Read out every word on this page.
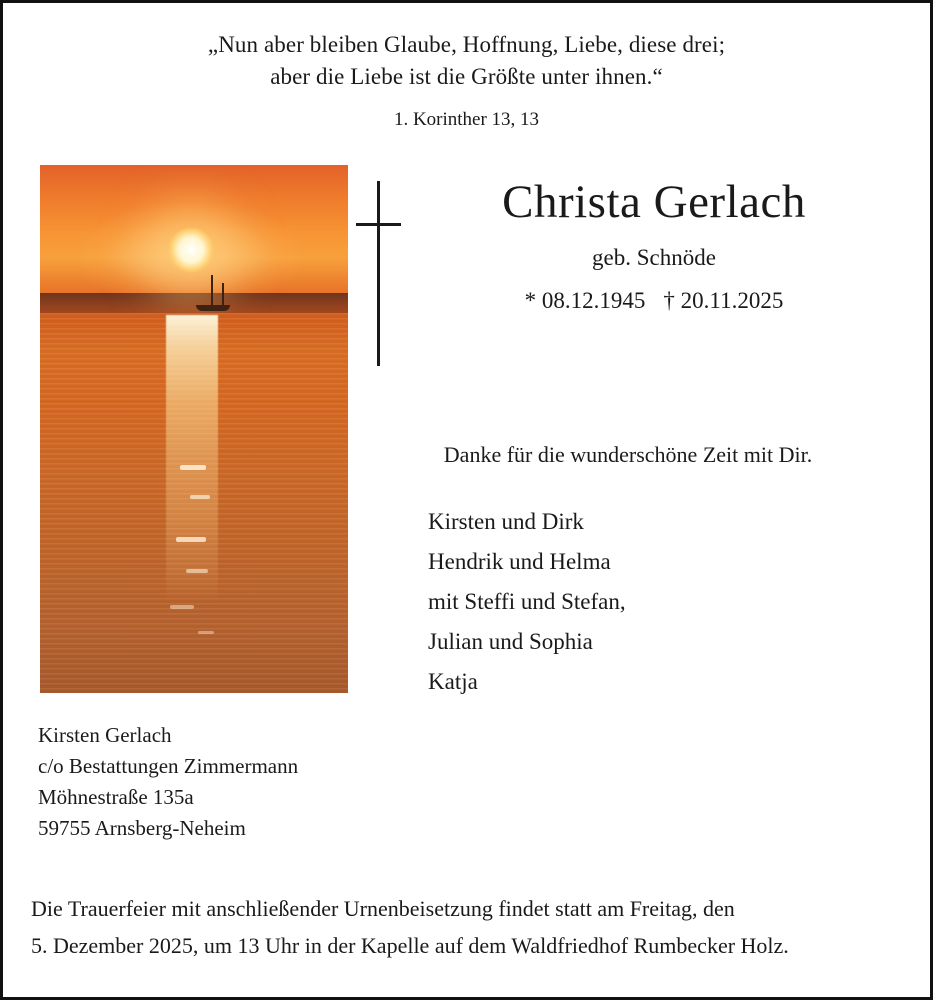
„Nun aber bleiben Glaube, Hoffnung, Liebe, diese drei;
aber die Liebe ist die Größte unter ihnen.“
1. Korinther 13, 13
Christa Gerlach
geb. Schnöde
* 08.12.1945 † 20.11.2025
Danke für die wunderschöne Zeit mit Dir.
Kirsten und Dirk
Hendrik und Helma
mit Steffi und Stefan,
Julian und Sophia
Katja
Kirsten Gerlach
c/o Bestattungen Zimmermann
Möhnestraße 135a
59755 Arnsberg-Neheim
Die Trauerfeier mit anschließender Urnenbeisetzung findet statt am Freitag, den
5. Dezember 2025, um 13 Uhr in der Kapelle auf dem Waldfriedhof Rumbecker Holz.
